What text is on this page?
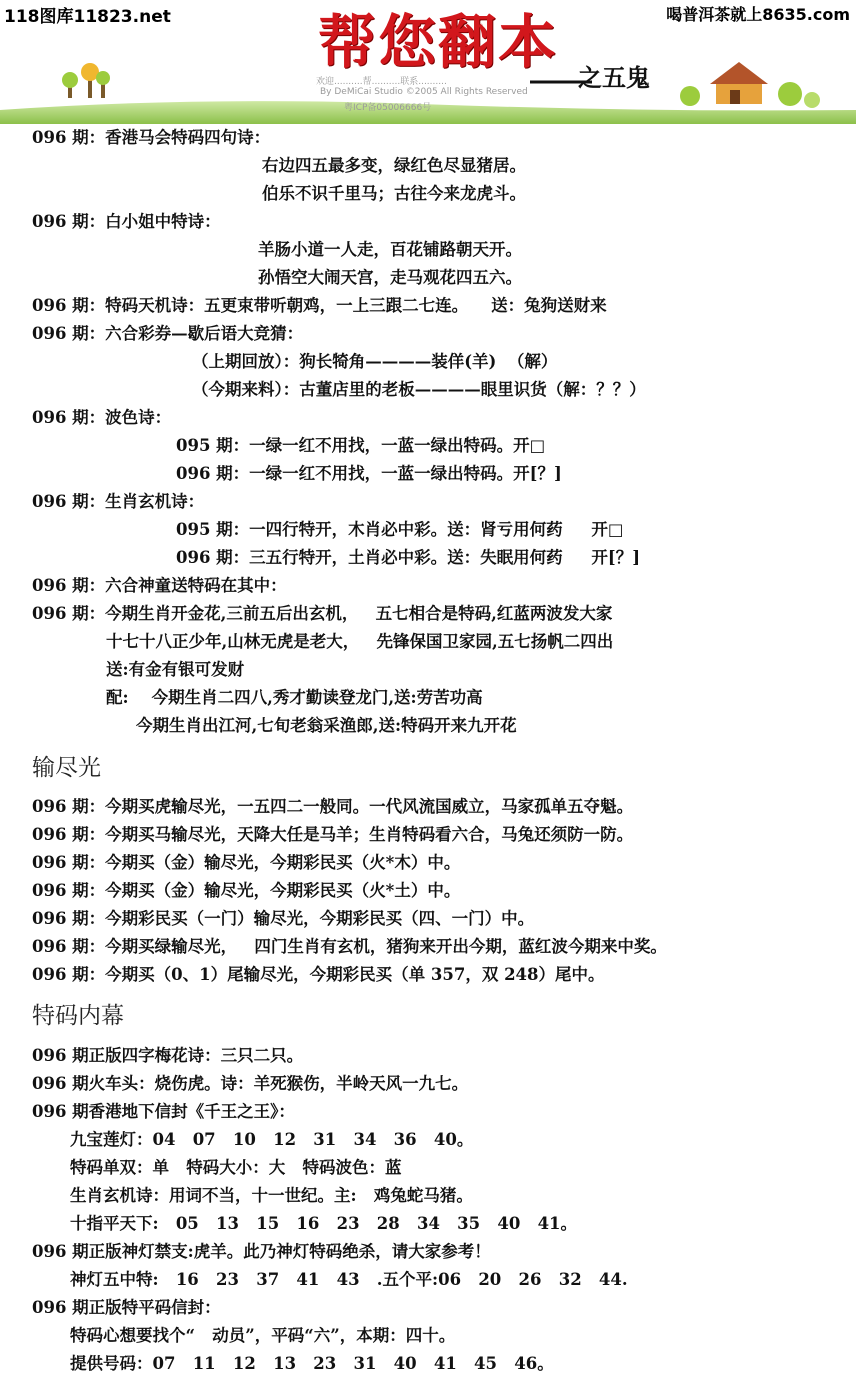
118图库11823.net	喝普洱茶就上8635.com
帮您翻本
之五鬼
欢迎..........帮..........联系..........
By DeMiCai Studio ©2005 All Rights Reserved
粤ICP备05006666号
096 期：香港马会特码四句诗：
右边四五最多变，绿红色尽显猪居。
伯乐不识千里马；古往今来龙虎斗。
096 期：白小姐中特诗：
羊肠小道一人走，百花铺路朝天开。
孙悟空大闹天宫，走马观花四五六。
096 期：特码天机诗：五更束带听朝鸡，一上三跟二七连。    送：兔狗送财来
096 期：六合彩券—歇后语大竞猜：
（上期回放）：狗长犄角————装佯(羊)  （解）
（今期来料）：古董店里的老板————眼里识货（解：？？）
096 期：波色诗：
095 期：一绿一红不用找，一蓝一绿出特码。开□
096 期：一绿一红不用找，一蓝一绿出特码。开[？]
096 期：生肖玄机诗：
095 期：一四行特开，木肖必中彩。送：肾亏用何药     开□
096 期：三五行特开，土肖必中彩。送：失眠用何药     开[？]
096 期：六合神童送特码在其中：
096 期：今期生肖开金花,三前五后出玄机，   五七相合是特码,红蓝两波发大家
十七十八正少年,山林无虎是老大，   先锋保国卫家园,五七扬帆二四出
送:有金有银可发财
配:    今期生肖二四八,秀才勤读登龙门,送:劳苦功高
今期生肖出江河,七旬老翁采渔郎,送:特码开来九开花
输尽光
096 期：今期买虎输尽光，一五四二一般同。一代风流国威立，马家孤单五夺魁。
096 期：今期买马输尽光，天降大任是马羊；生肖特码看六合，马兔还须防一防。
096 期：今期买（金）输尽光，今期彩民买（火*木）中。
096 期：今期买（金）输尽光，今期彩民买（火*土）中。
096 期：今期彩民买（一门）输尽光，今期彩民买（四、一门）中。
096 期：今期买绿输尽光，   四门生肖有玄机，猪狗来开出今期，蓝红波今期来中奖。
096 期：今期买（0、1）尾输尽光，今期彩民买（单 357，双 248）尾中。
特码内幕
096 期正版四字梅花诗：三只二只。
096 期火车头：烧伤虎。诗：羊死猴伤，半岭天风一九七。
096 期香港地下信封《千王之王》：
九宝莲灯：04   07   10   12   31   34   36   40。
特码单双：单   特码大小：大   特码波色：蓝
生肖玄机诗：用词不当，十一世纪。主:   鸡兔蛇马猪。
十指平天下:   05   13   15   16   23   28   34   35   40   41。
096 期正版神灯禁支:虎羊。此乃神灯特码绝杀，请大家参考！
神灯五中特:   16   23   37   41   43   .五个平:06   20   26   32   44.
096 期正版特平码信封：
特码心想要找个“   动员”，平码“六”，本期：四十。
提供号码：07   11   12   13   23   31   40   41   45   46。
